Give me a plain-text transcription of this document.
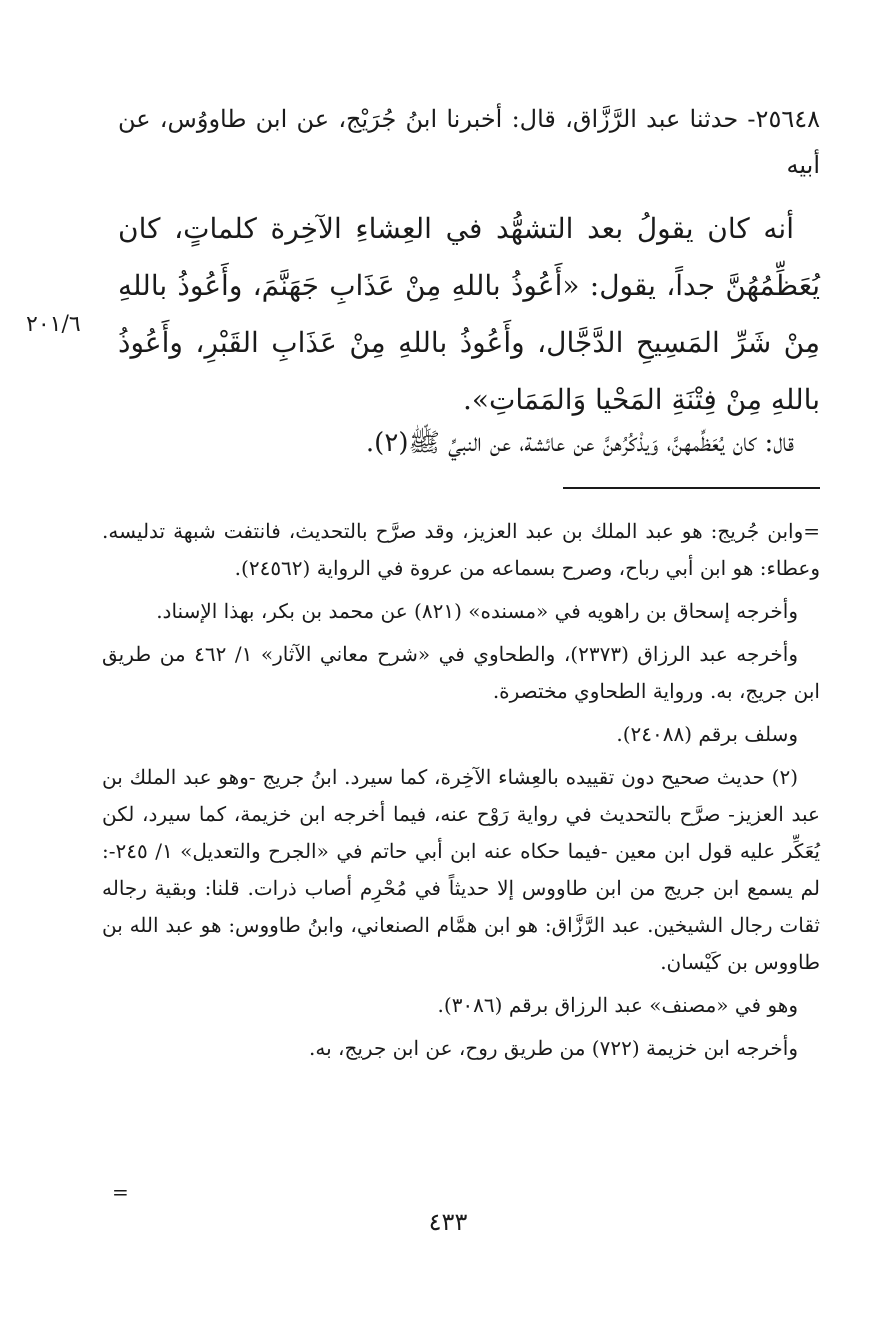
٢٥٦٤٨- حدثنا عبد الرَّزَّاق، قال: أخبرنا ابنُ جُرَيْج، عن ابن طاووُس، عن أبيه
أنه كان يقولُ بعد التشهُّد في العِشاءِ الآخِرة كلماتٍ، كان يُعَظِّمُهُنَّ جداً، يقول: «أَعُوذُ باللهِ مِنْ عَذَابِ جَهَنَّمَ، وأَعُوذُ باللهِ مِنْ شَرِّ المَسِيحِ الدَّجَّال، وأَعُوذُ باللهِ مِنْ عَذَابِ القَبْرِ، وأَعُوذُ باللهِ مِنْ فِتْنَةِ المَحْيا وَالمَمَاتِ».
قال: كان يُعَظِّمهنَّ، وَيذْكُرُهنَّ عن عائشة، عن النبيِّ ﷺ(٢).
٢٠١/٦

=وابن جُريج: هو عبد الملك بن عبد العزيز، وقد صرَّح بالتحديث، فانتفت شبهة تدليسه. وعطاء: هو ابن أبي رباح، وصرح بسماعه من عروة في الرواية (٢٤٥٦٢).

وأخرجه إسحاق بن راهويه في «مسنده» (٨٢١) عن محمد بن بكر، بهذا الإسناد.

وأخرجه عبد الرزاق (٢٣٧٣)، والطحاوي في «شرح معاني الآثار» ١/ ٤٦٢ من طريق ابن جريج، به. ورواية الطحاوي مختصرة.

وسلف برقم (٢٤٠٨٨).

(٢) حديث صحيح دون تقييده بالعِشاء الآخِرة، كما سيرد. ابنُ جريج -وهو عبد الملك بن عبد العزيز- صرَّح بالتحديث في رواية رَوْح عنه، فيما أخرجه ابن خزيمة، كما سيرد، لكن يُعَكِّر عليه قول ابن معين -فيما حكاه عنه ابن أبي حاتم في «الجرح والتعديل» ١/ ٢٤٥-: لم يسمع ابن جريج من ابن طاووس إلا حديثاً في مُحْرِم أصاب ذرات. قلنا: وبقية رجاله ثقات رجال الشيخين. عبد الرَّزَّاق: هو ابن همَّام الصنعاني، وابنُ طاووس: هو عبد الله بن طاووس بن كَيْسان.

وهو في «مصنف» عبد الرزاق برقم (٣٠٨٦).

وأخرجه ابن خزيمة (٧٢٢) من طريق روح، عن ابن جريج، به.

=
٤٣٣
